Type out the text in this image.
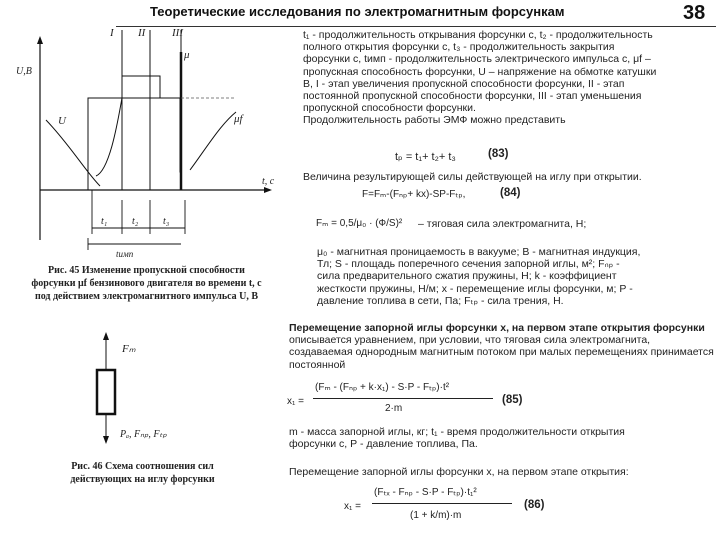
Теоретические исследования по электромагнитным форсункам	38
I II III
t₁ t₂ t₃
tимп
U,В
t, c
U
μ
μf
Рис. 45 Изменение пропускной способности
форсунки μf бензинового двигателя во времени t, c
под действием электромагнитного импульса U, В
Fₘ
Pₐ, Fₙₚ, Fₜₚ
Рис. 46 Схема соотношения сил
действующих на иглу форсунки
t₁ - продолжительность открывания форсунки с, t₂ - продолжительность
полного открытия форсунки с, t₃ - продолжительность закрытия
форсунки с, tимп - продолжительность электрического импульса с, μf –
пропускная способность форсунки, U – напряжение на обмотке катушки
В, I - этап увеличения пропускной способности форсунки, II - этап
постоянной пропускной способности форсунки, III - этап уменьшения
пропускной способности форсунки.
Продолжительность работы ЭМФ можно представить
tₚ = t₁+ t₂+ t₃	(83)
Величина результирующей силы действующей на иглу при открытии.
F=Fₘ-(Fₙₚ+ kx)-SP-Fₜₚ,	(84)
Fₘ = 0,5/μ₀ · (Ф/S)² – тяговая сила электромагнита, Н;
μ₀ - магнитная проницаемость в вакууме; В - магнитная индукция,
Тл; S - площадь поперечного сечения запорной иглы, м²; Fₙₚ -
сила предварительного сжатия пружины, Н; k - коэффициент
жесткости пружины, Н/м; x - перемещение иглы форсунки, м; Р -
давление топлива в сети, Па; Fₜₚ - сила трения, Н.
Перемещение запорной иглы форсунки x, на первом этапе открытия форсунки описывается уравнением, при условии, что тяговая сила электромагнита, создаваемая однородным магнитным потоком при малых перемещениях принимается постоянной
x₁ =
(Fₘ - (Fₙₚ + k·x₁) - S·P - Fₜₚ)·t²
2·m
(85)
m - масса запорной иглы, кг; t₁ - время продолжительности открытия
форсунки с, Р - давление топлива, Па.
Перемещение запорной иглы форсунки x, на первом этапе открытия:
x₁ =
(Fₜₓ - Fₙₚ - S·P - Fₜₚ)·t₁²
(1 + k/m)·m
(86)
